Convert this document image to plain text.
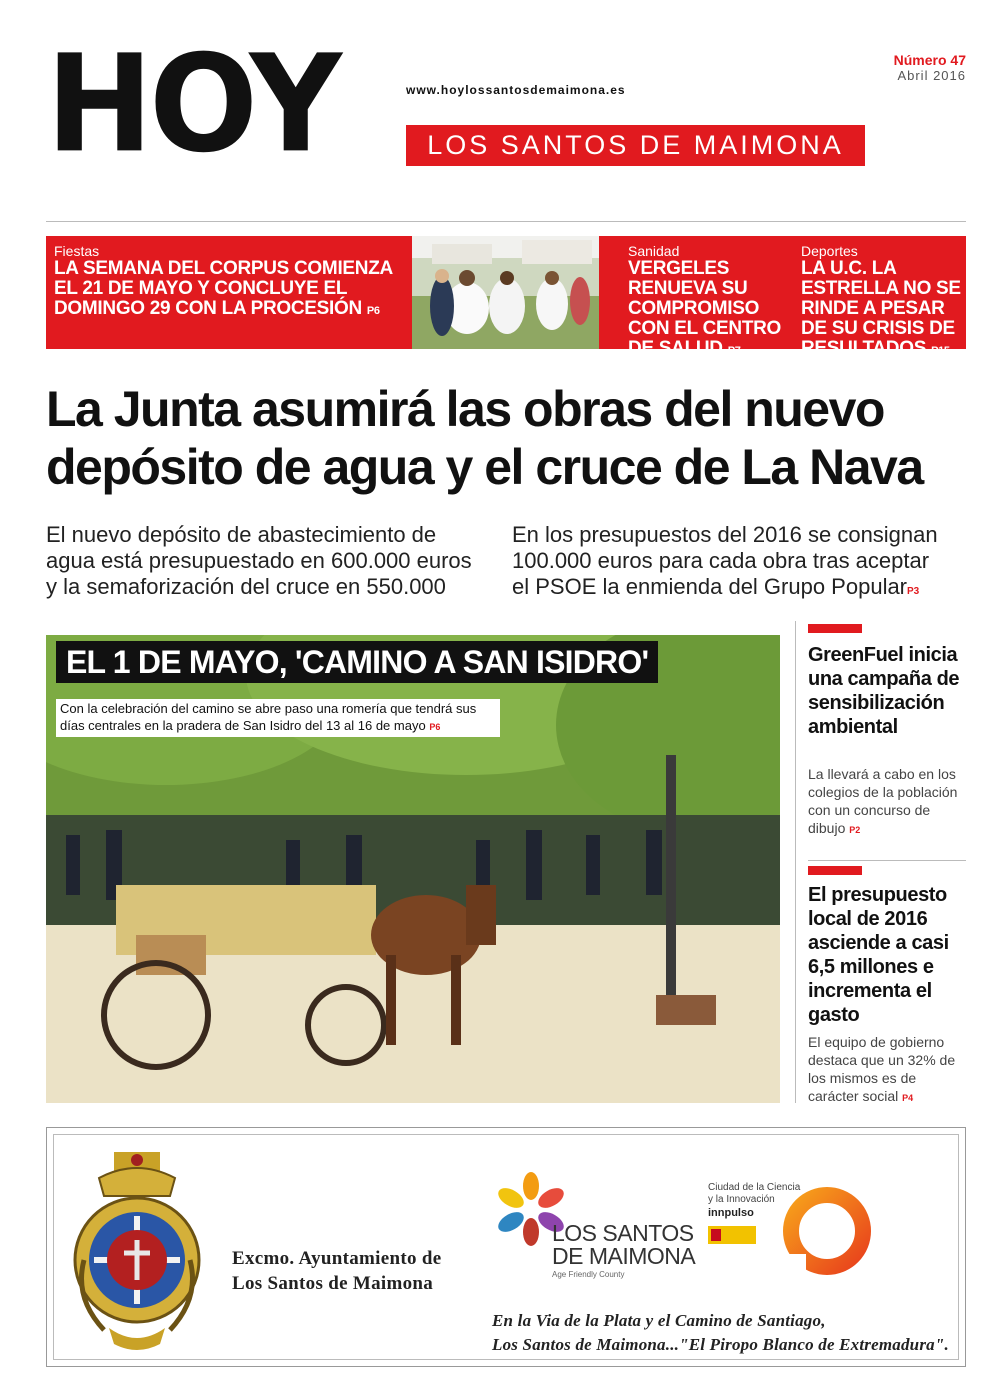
HOY	www.hoylossantosdemaimona.es
LOS SANTOS DE MAIMONA
Número 47
Abril 2016
Fiestas
LA SEMANA DEL CORPUS COMIENZA EL 21 DE MAYO Y CONCLUYE EL DOMINGO 29 CON LA PROCESIÓN P6
Sanidad
VERGELES RENUEVA SU COMPROMISO CON EL CENTRO DE SALUD P7
Deportes
LA U.C. LA ESTRELLA NO SE RINDE A PESAR DE SU CRISIS DE RESULTADOS P15
La Junta asumirá las obras del nuevo depósito de agua y el cruce de La Nava
El nuevo depósito de abastecimiento de agua está presupuestado en 600.000 euros y la semaforización del cruce en 550.000
En los presupuestos del 2016 se consignan 100.000 euros para cada obra tras aceptar el PSOE la enmienda del Grupo PopularP3
EL 1 DE MAYO, 'CAMINO A SAN ISIDRO'
Con la celebración del camino se abre paso una romería que tendrá sus días centrales en la pradera de San Isidro del 13 al 16 de mayo P6
GreenFuel inicia una campaña de sensibilización ambiental

La llevará a cabo en los colegios de la población con un concurso de dibujo P2

El presupuesto local de 2016 asciende a casi 6,5 millones e incrementa el gasto

El equipo de gobierno destaca que un 32% de los mismos es de carácter social P4

Excmo. Ayuntamiento de
Los Santos de Maimona
LOS SANTOS
DE MAIMONA
Age Friendly County
Ciudad de la Ciencia
y la Innovación
innpulso
En la Via de la Plata y el Camino de Santiago,
Los Santos de Maimona..."El Piropo Blanco de Extremadura".
